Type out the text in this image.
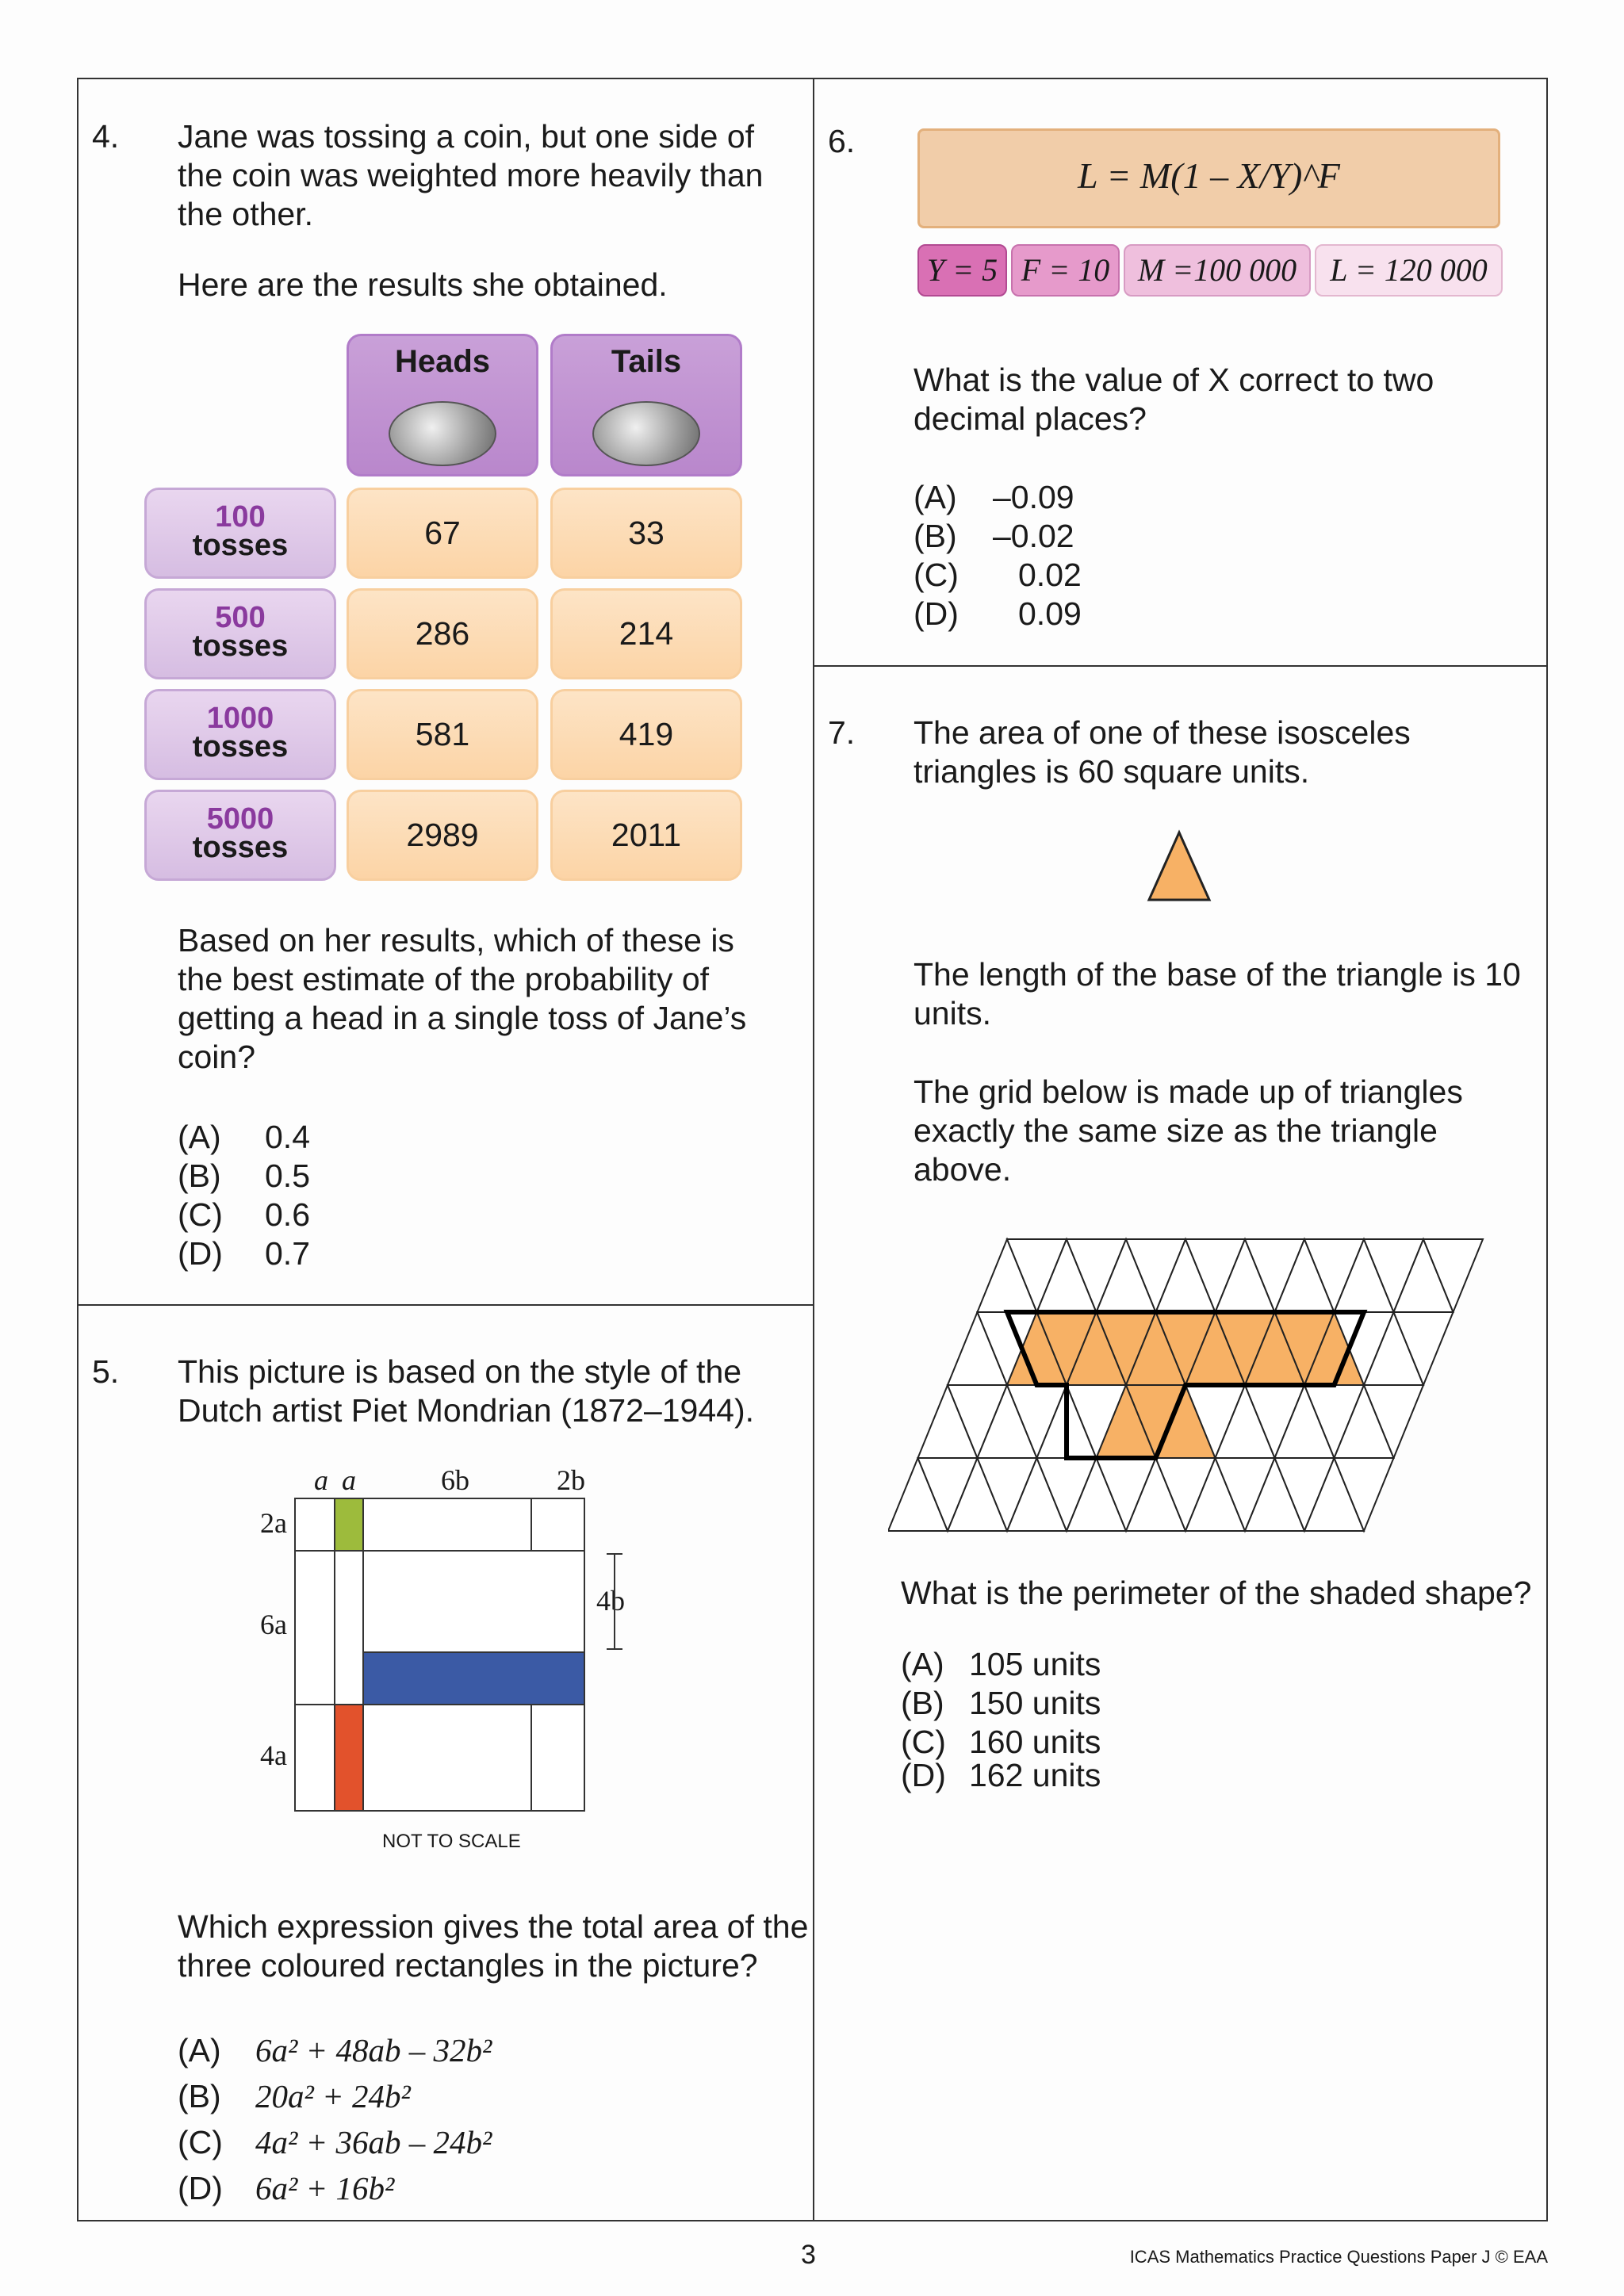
4. Jane was tossing a coin, but one side of
the coin was weighted more heavily than
the other.
Here are the results she obtained.
Heads	Tails
100
tosses	67	33
500
tosses	286	214
1000
tosses	581	419
5000
tosses	2989	2011
Based on her results, which of these is
the best estimate of the probability of
getting a head in a single toss of Jane’s
coin?
(A) 0.4
(B) 0.5
(C) 0.6
(D) 0.7
5. This picture is based on the style of the
Dutch artist Piet Mondrian (1872–1944).
a a	6b	2b
2a
6a
4a
4b
NOT TO SCALE
Which expression gives the total area of the
three coloured rectangles in the picture?
(A) 6a² + 48ab – 32b²
(B) 20a² + 24b²
(C) 4a² + 36ab – 24b²
(D) 6a² + 16b²
6.
L = M(1 – X/Y)^F
Y = 5 F = 10 M =100 000	L = 120 000
What is the value of X correct to two
decimal places?
(A) –0.09
(B) –0.02
(C) 0.02
(D) 0.09
7. The area of one of these isosceles
triangles is 60 square units.
The length of the base of the triangle is 10
units.
The grid below is made up of triangles
exactly the same size as the triangle
above.
What is the perimeter of the shaded shape?
(A) 105 units
(B) 150 units
(C) 160 units
(D) 162 units
3	ICAS Mathematics Practice Questions Paper J © EAA
